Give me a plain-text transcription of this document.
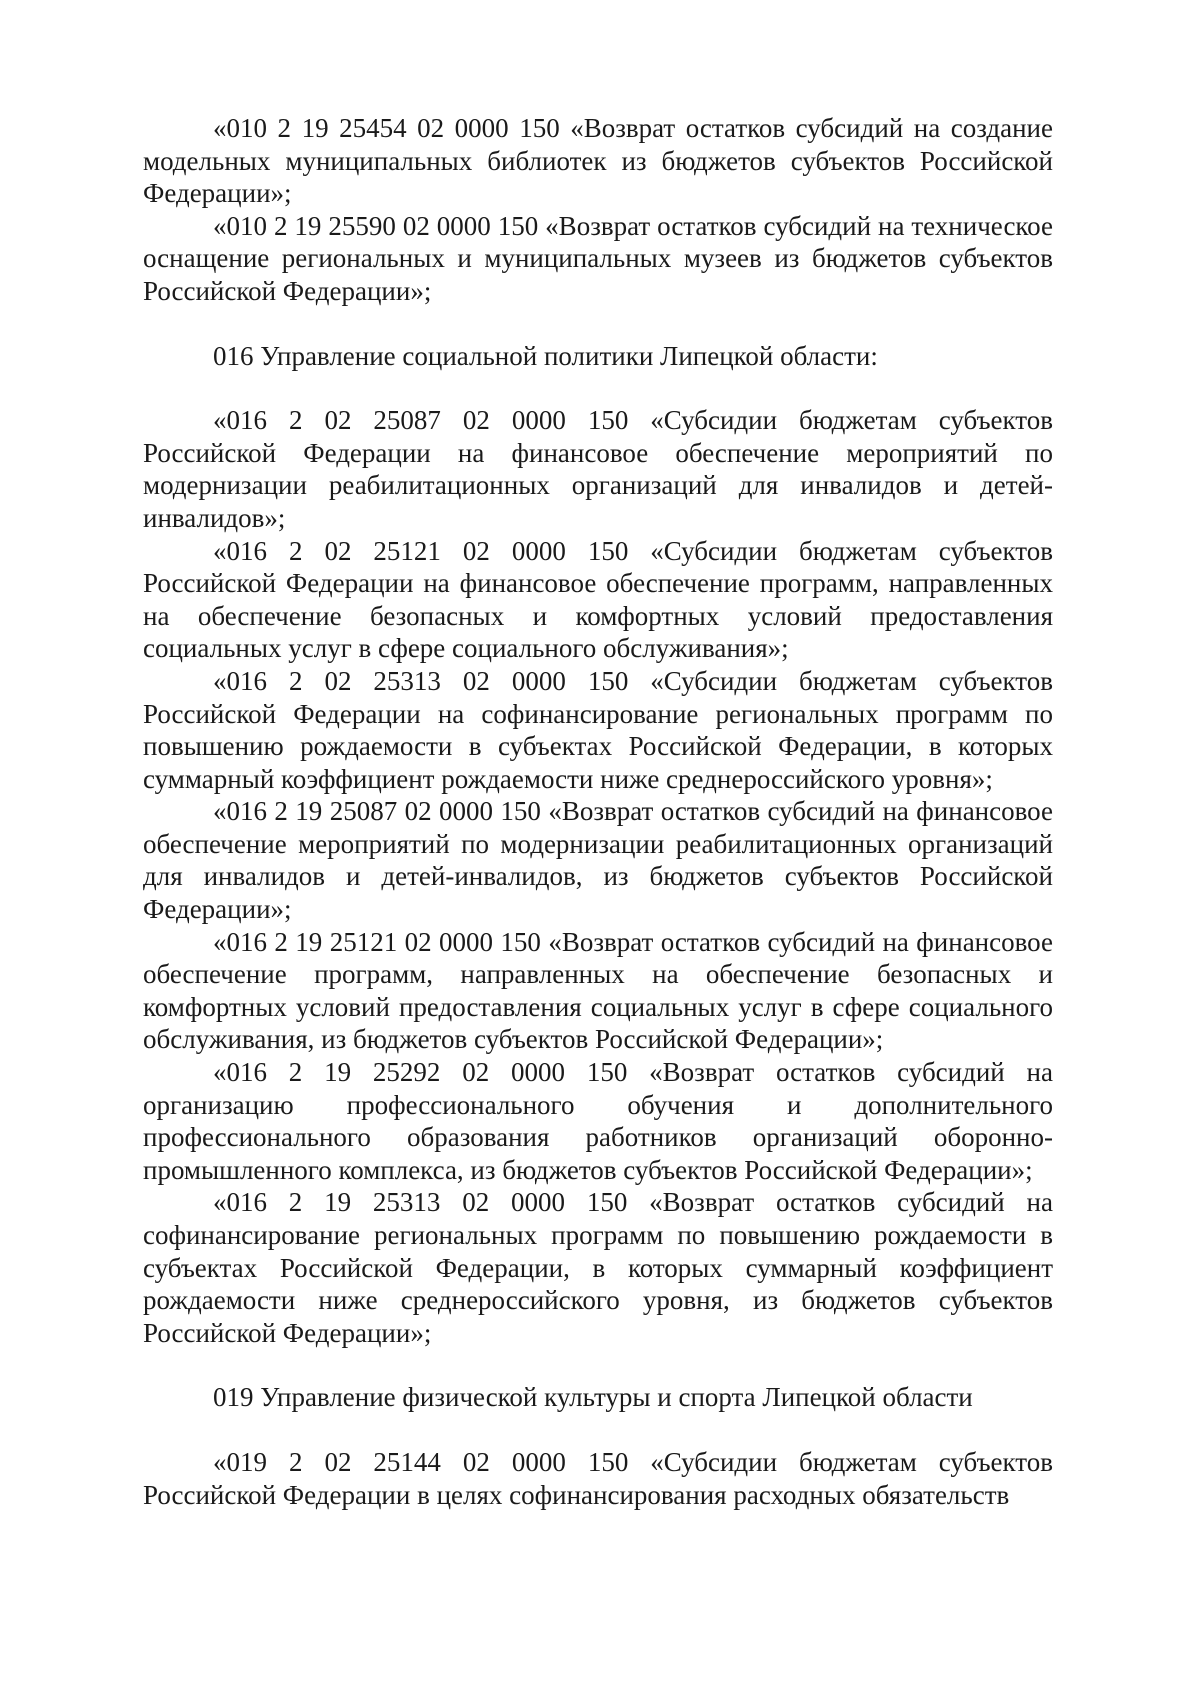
«010 2 19 25454 02 0000 150 «Возврат остатков субсидий на создание модельных муниципальных библиотек из бюджетов субъектов Российской Федерации»;

«010 2 19 25590 02 0000 150 «Возврат остатков субсидий на техническое оснащение региональных и муниципальных музеев из бюджетов субъектов Российской Федерации»;

016 Управление социальной политики Липецкой области:

«016 2 02 25087 02 0000 150 «Субсидии бюджетам субъектов Российской Федерации на финансовое обеспечение мероприятий по модернизации реабилитационных организаций для инвалидов и детей-инвалидов»;

«016 2 02 25121 02 0000 150 «Субсидии бюджетам субъектов Российской Федерации на финансовое обеспечение программ, направленных на обеспечение безопасных и комфортных условий предоставления социальных услуг в сфере социального обслуживания»;

«016 2 02 25313 02 0000 150 «Субсидии бюджетам субъектов Российской Федерации на софинансирование региональных программ по повышению рождаемости в субъектах Российской Федерации, в которых суммарный коэффициент рождаемости ниже среднероссийского уровня»;

«016 2 19 25087 02 0000 150 «Возврат остатков субсидий на финансовое обеспечение мероприятий по модернизации реабилитационных организаций для инвалидов и детей-инвалидов, из бюджетов субъектов Российской Федерации»;

«016 2 19 25121 02 0000 150 «Возврат остатков субсидий на финансовое обеспечение программ, направленных на обеспечение безопасных и комфортных условий предоставления социальных услуг в сфере социального обслуживания, из бюджетов субъектов Российской Федерации»;

«016 2 19 25292 02 0000 150 «Возврат остатков субсидий на организацию профессионального обучения и дополнительного профессионального образования работников организаций оборонно-промышленного комплекса, из бюджетов субъектов Российской Федерации»;

«016 2 19 25313 02 0000 150 «Возврат остатков субсидий на софинансирование региональных программ по повышению рождаемости в субъектах Российской Федерации, в которых суммарный коэффициент рождаемости ниже среднероссийского уровня, из бюджетов субъектов Российской Федерации»;

019 Управление физической культуры и спорта Липецкой области

«019 2 02 25144 02 0000 150 «Субсидии бюджетам субъектов Российской Федерации в целях софинансирования расходных обязательств
